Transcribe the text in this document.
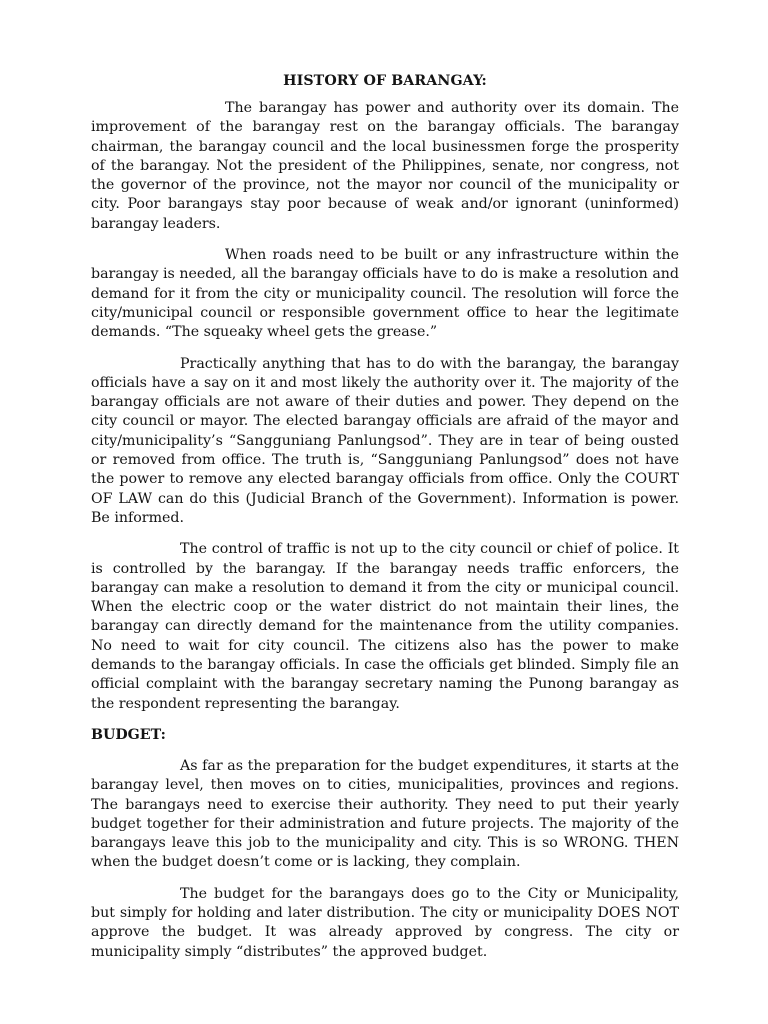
HISTORY OF BARANGAY:

The barangay has power and authority over its domain. The improvement of the barangay rest on the barangay officials. The barangay chairman, the barangay council and the local businessmen forge the prosperity of the barangay. Not the president of the Philippines, senate, nor congress, not the governor of the province, not the mayor nor council of the municipality or city. Poor barangays stay poor because of weak and/or ignorant (uninformed) barangay leaders.

When roads need to be built or any infrastructure within the barangay is needed, all the barangay officials have to do is make a resolution and demand for it from the city or municipality council. The resolution will force the city/municipal council or responsible government office to hear the legitimate demands. “The squeaky wheel gets the grease.”

Practically anything that has to do with the barangay, the barangay officials have a say on it and most likely the authority over it. The majority of the barangay officials are not aware of their duties and power. They depend on the city council or mayor. The elected barangay officials are afraid of the mayor and city/municipality’s “Sangguniang Panlungsod”. They are in tear of being ousted or removed from office. The truth is, “Sangguniang Panlungsod” does not have the power to remove any elected barangay officials from office. Only the COURT OF LAW can do this (Judicial Branch of the Government). Information is power. Be informed.

The control of traffic is not up to the city council or chief of police. It is controlled by the barangay. If the barangay needs traffic enforcers, the barangay can make a resolution to demand it from the city or municipal council. When the electric coop or the water district do not maintain their lines, the barangay can directly demand for the maintenance from the utility companies. No need to wait for city council. The citizens also has the power to make demands to the barangay officials. In case the officials get blinded. Simply file an official complaint with the barangay secretary naming the Punong barangay as the respondent representing the barangay.

BUDGET:

As far as the preparation for the budget expenditures, it starts at the barangay level, then moves on to cities, municipalities, provinces and regions. The barangays need to exercise their authority. They need to put their yearly budget together for their administration and future projects. The majority of the barangays leave this job to the municipality and city. This is so WRONG. THEN when the budget doesn’t come or is lacking, they complain.

The budget for the barangays does go to the City or Municipality, but simply for holding and later distribution. The city or municipality DOES NOT approve the budget. It was already approved by congress. The city or municipality simply “distributes” the approved budget.
